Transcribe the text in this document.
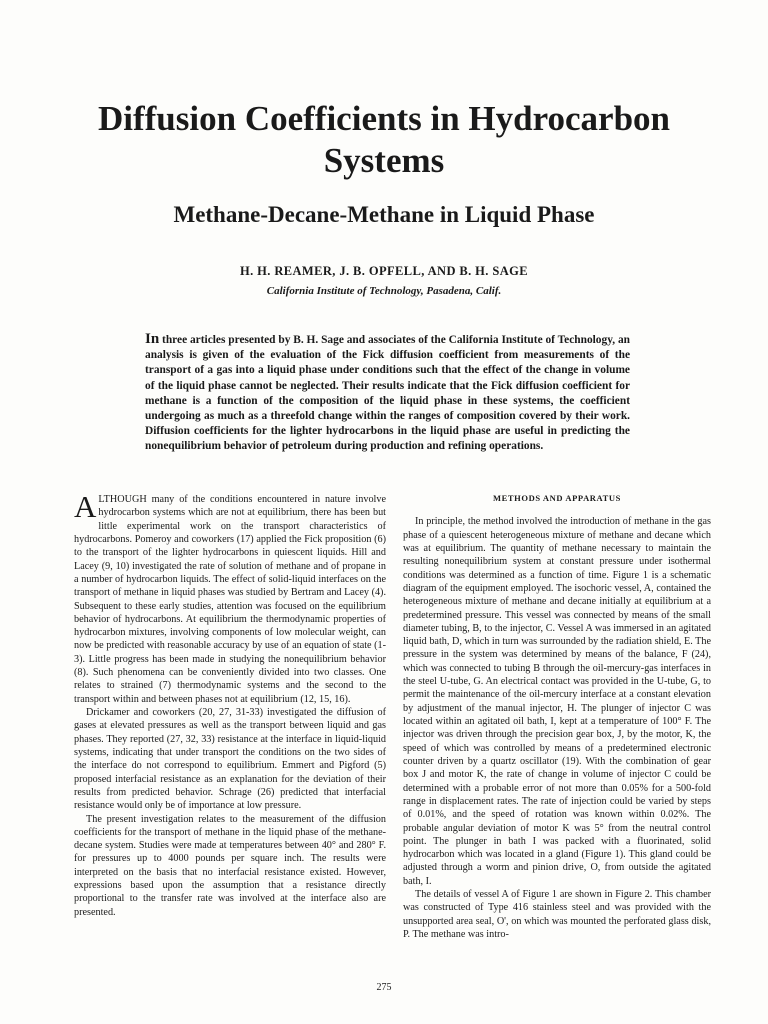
Diffusion Coefficients in Hydrocarbon Systems
Methane-Decane-Methane in Liquid Phase
H. H. REAMER, J. B. OPFELL, AND B. H. SAGE
California Institute of Technology, Pasadena, Calif.

In three articles presented by B. H. Sage and associates of the California Institute of Technology, an analysis is given of the evaluation of the Fick diffusion coefficient from measurements of the transport of a gas into a liquid phase under conditions such that the effect of the change in volume of the liquid phase cannot be neglected. Their results indicate that the Fick diffusion coefficient for methane is a function of the composition of the liquid phase in these systems, the coefficient undergoing as much as a threefold change within the ranges of composition covered by their work. Diffusion coefficients for the lighter hydrocarbons in the liquid phase are useful in predicting the nonequilibrium behavior of petroleum during production and refining operations.

ALTHOUGH many of the conditions encountered in nature involve hydrocarbon systems which are not at equilibrium, there has been but little experimental work on the transport characteristics of hydrocarbons. Pomeroy and coworkers (17) applied the Fick proposition (6) to the transport of the lighter hydrocarbons in quiescent liquids. Hill and Lacey (9, 10) investigated the rate of solution of methane and of propane in a number of hydrocarbon liquids. The effect of solid-liquid interfaces on the transport of methane in liquid phases was studied by Bertram and Lacey (4). Subsequent to these early studies, attention was focused on the equilibrium behavior of hydrocarbons. At equilibrium the thermodynamic properties of hydrocarbon mixtures, involving components of low molecular weight, can now be predicted with reasonable accuracy by use of an equation of state (1-3). Little progress has been made in studying the nonequilibrium behavior (8). Such phenomena can be conveniently divided into two classes. One relates to strained (7) thermodynamic systems and the second to the transport within and between phases not at equilibrium (12, 15, 16).

Drickamer and coworkers (20, 27, 31-33) investigated the diffusion of gases at elevated pressures as well as the transport between liquid and gas phases. They reported (27, 32, 33) resistance at the interface in liquid-liquid systems, indicating that under transport the conditions on the two sides of the interface do not correspond to equilibrium. Emmert and Pigford (5) proposed interfacial resistance as an explanation for the deviation of their results from predicted behavior. Schrage (26) predicted that interfacial resistance would only be of importance at low pressure.

The present investigation relates to the measurement of the diffusion coefficients for the transport of methane in the liquid phase of the methane-decane system. Studies were made at temperatures between 40° and 280° F. for pressures up to 4000 pounds per square inch. The results were interpreted on the basis that no interfacial resistance existed. However, expressions based upon the assumption that a resistance directly proportional to the transfer rate was involved at the interface also are presented.

METHODS AND APPARATUS

In principle, the method involved the introduction of methane in the gas phase of a quiescent heterogeneous mixture of methane and decane which was at equilibrium. The quantity of methane necessary to maintain the resulting nonequilibrium system at constant pressure under isothermal conditions was determined as a function of time. Figure 1 is a schematic diagram of the equipment employed. The isochoric vessel, A, contained the heterogeneous mixture of methane and decane initially at equilibrium at a predetermined pressure. This vessel was connected by means of the small diameter tubing, B, to the injector, C. Vessel A was immersed in an agitated liquid bath, D, which in turn was surrounded by the radiation shield, E. The pressure in the system was determined by means of the balance, F (24), which was connected to tubing B through the oil-mercury-gas interfaces in the steel U-tube, G. An electrical contact was provided in the U-tube, G, to permit the maintenance of the oil-mercury interface at a constant elevation by adjustment of the manual injector, H. The plunger of injector C was located within an agitated oil bath, I, kept at a temperature of 100° F. The injector was driven through the precision gear box, J, by the motor, K, the speed of which was controlled by means of a predetermined electronic counter driven by a quartz oscillator (19). With the combination of gear box J and motor K, the rate of change in volume of injector C could be determined with a probable error of not more than 0.05% for a 500-fold range in displacement rates. The rate of injection could be varied by steps of 0.01%, and the speed of rotation was known within 0.02%. The probable angular deviation of motor K was 5° from the neutral control point. The plunger in bath I was packed with a fluorinated, solid hydrocarbon which was located in a gland (Figure 1). This gland could be adjusted through a worm and pinion drive, O, from outside the agitated bath, I.

The details of vessel A of Figure 1 are shown in Figure 2. This chamber was constructed of Type 416 stainless steel and was provided with the unsupported area seal, O', on which was mounted the perforated glass disk, P. The methane was intro-

275
